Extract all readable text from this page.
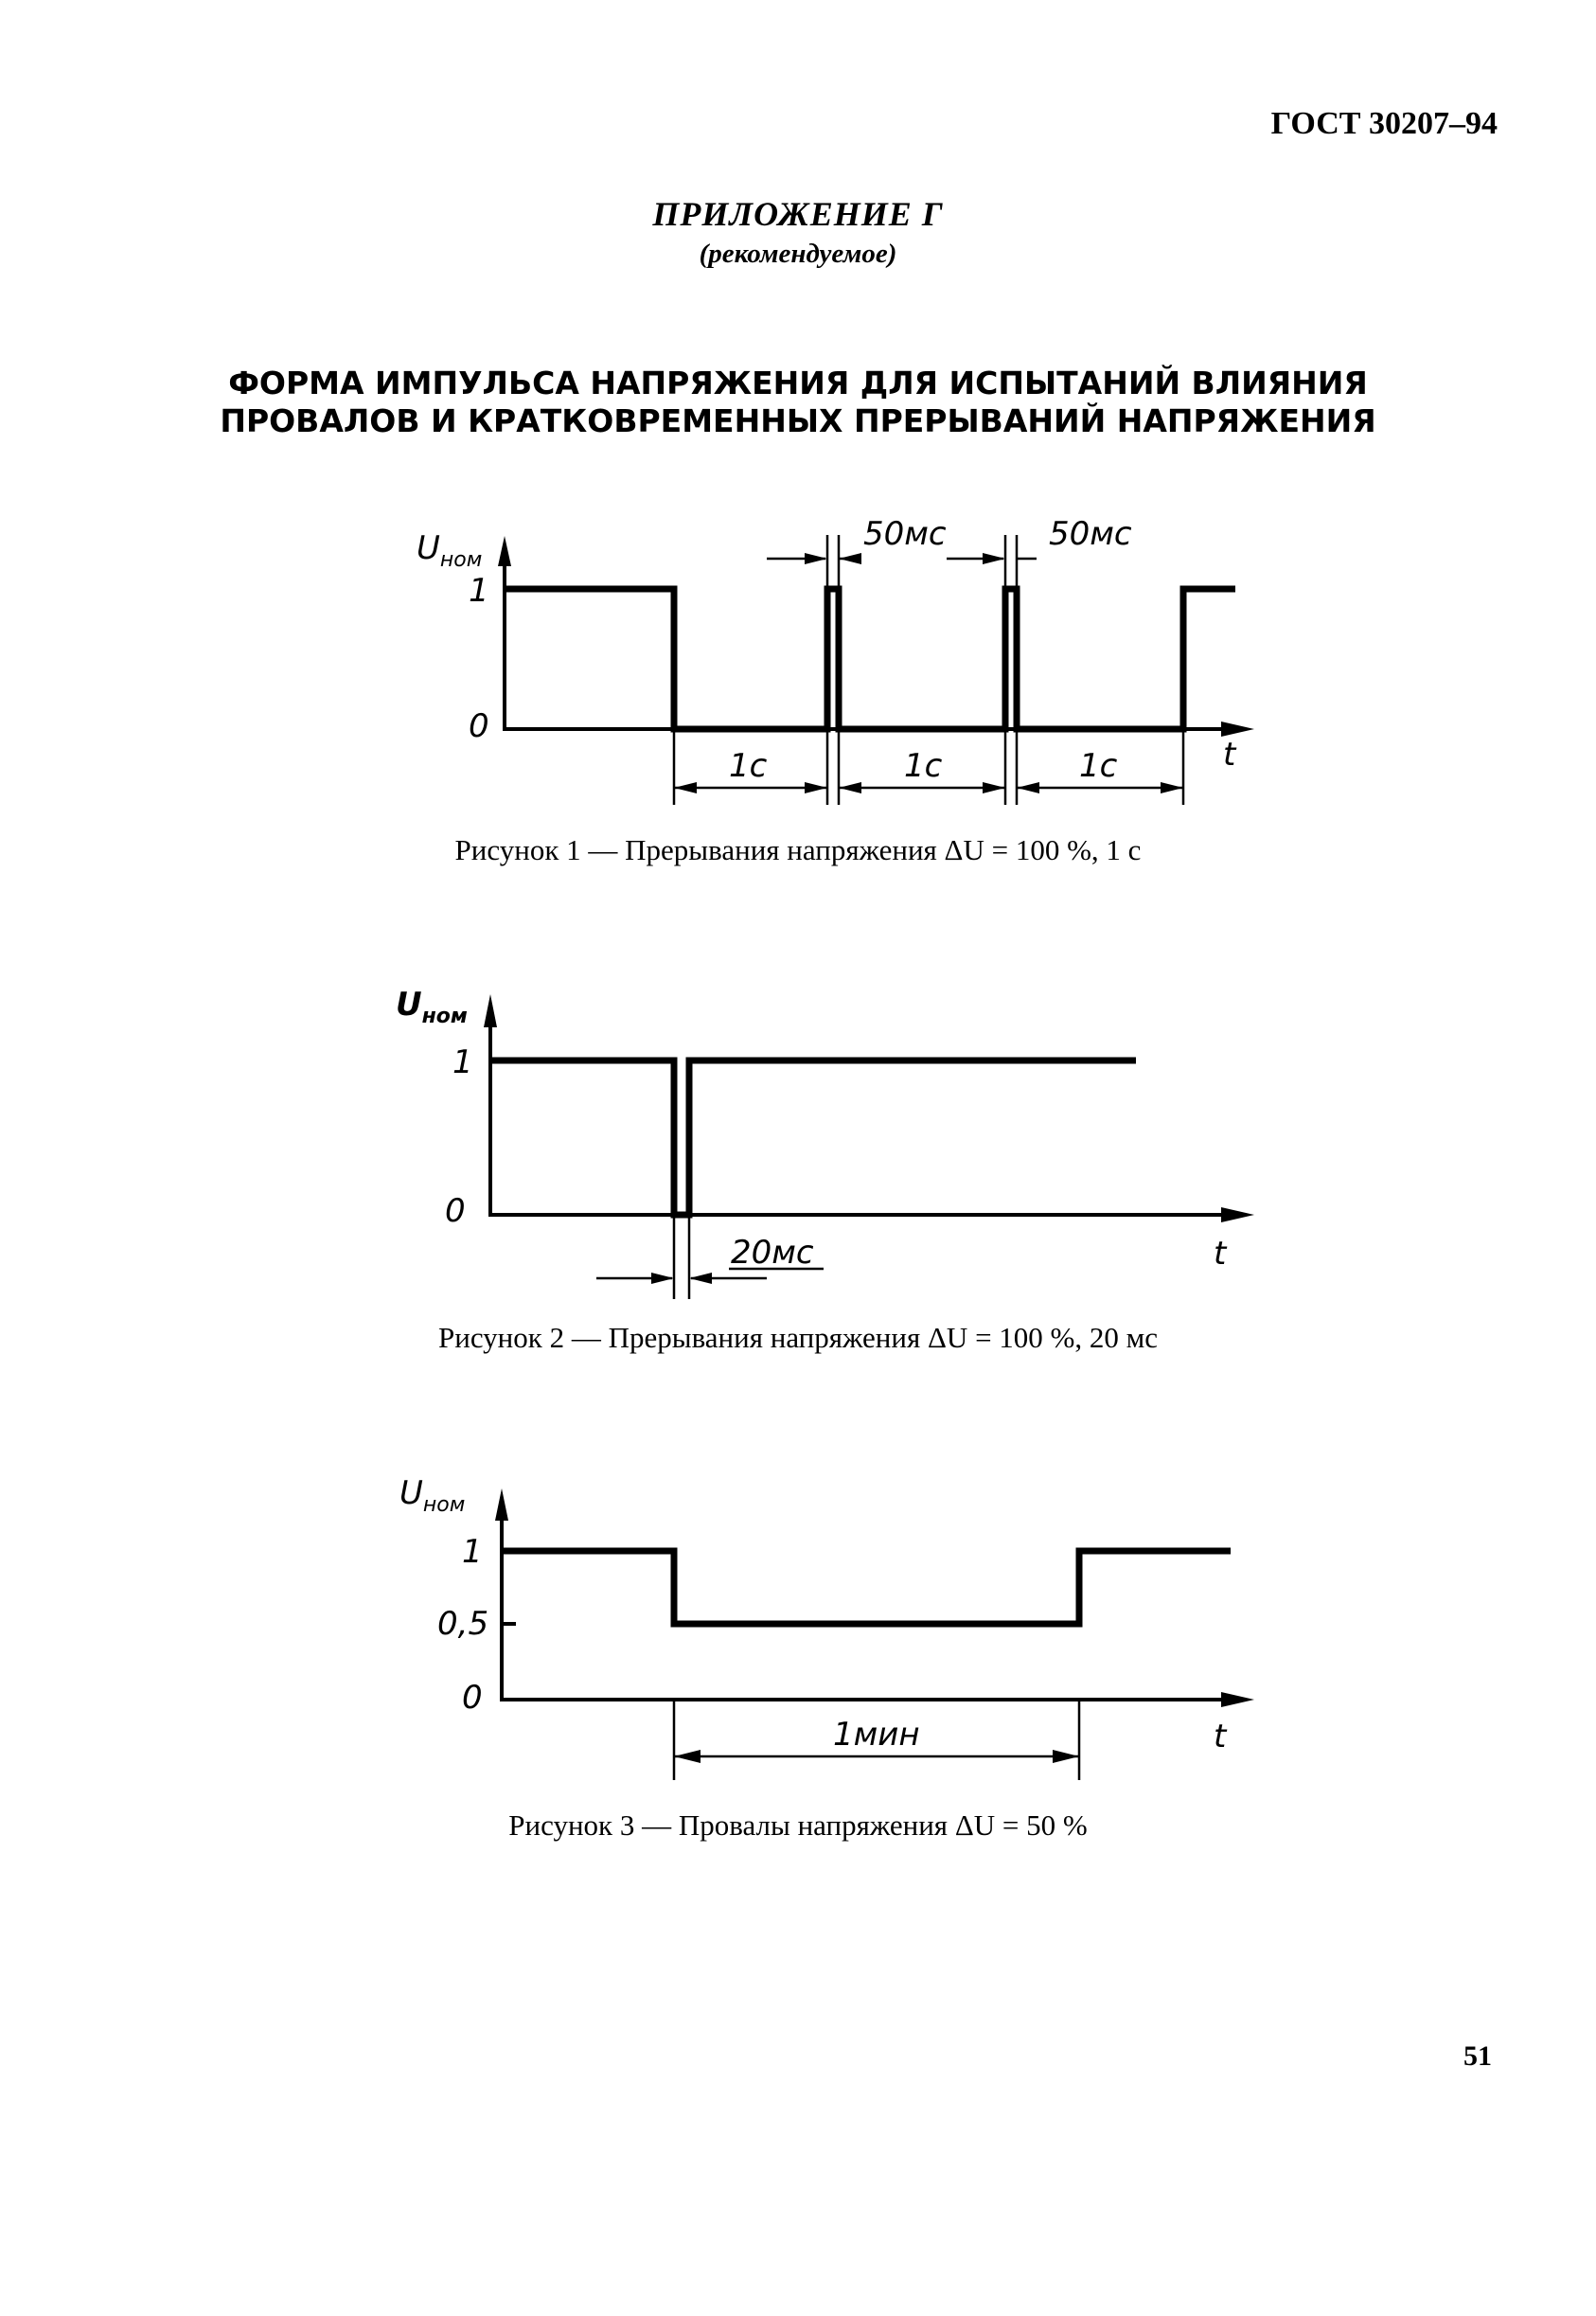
ГОСТ 30207–94
ПРИЛОЖЕНИЕ Г
(рекомендуемое)
ФОРМА ИМПУЛЬСА НАПРЯЖЕНИЯ ДЛЯ ИСПЫТАНИЙ ВЛИЯНИЯ
ПРОВАЛОВ И КРАТКОВРЕМЕННЫХ ПРЕРЫВАНИЙ НАПРЯЖЕНИЯ
$U_{ном}$
1
0
t
50мс	50мс
1с	1с	1с
Рисунок 1 — Прерывания напряжения ΔU = 100 %, 1 с
$U_{ном}$
1
0
t
20мс
Рисунок 2 — Прерывания напряжения ΔU = 100 %, 20 мс
$U_{ном}$
1
0,5
0
t
1мин
Рисунок 3 — Провалы напряжения ΔU = 50 %
51
